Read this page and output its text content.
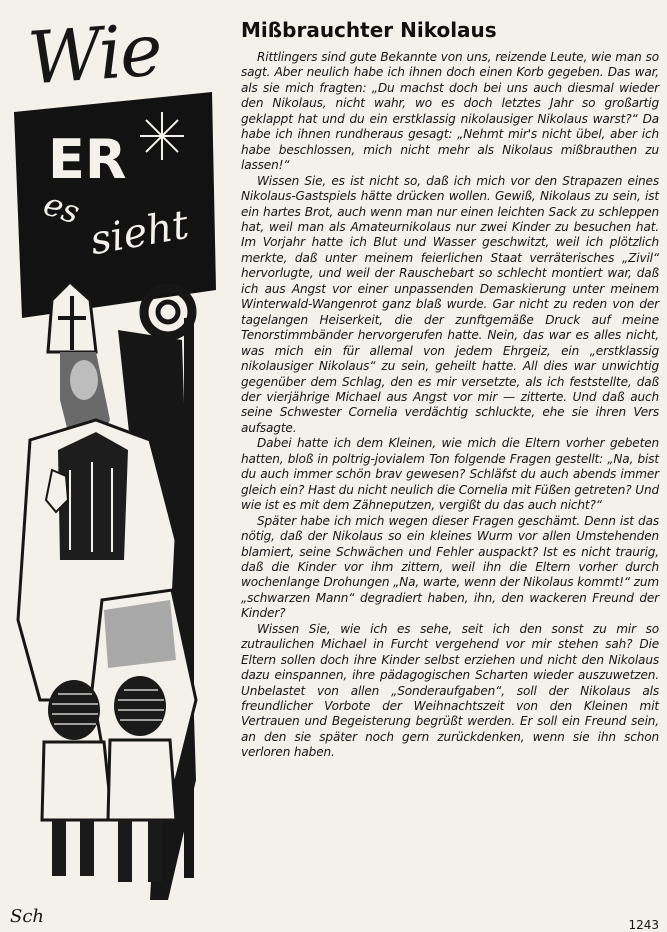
Wie
ER
es sieht
Sch
Mißbrauchter Nikolaus

Rittlingers sind gute Bekannte von uns, reizende Leute, wie man so sagt. Aber neulich habe ich ihnen doch einen Korb gegeben. Das war, als sie mich fragten: „Du machst doch bei uns auch diesmal wieder den Nikolaus, nicht wahr, wo es doch letztes Jahr so großartig geklappt hat und du ein erstklassig nikolausiger Nikolaus warst?“ Da habe ich ihnen rundheraus gesagt: „Nehmt mir's nicht übel, aber ich habe beschlossen, mich nicht mehr als Nikolaus mißbrauthen zu lassen!“

Wissen Sie, es ist nicht so, daß ich mich vor den Strapazen eines Nikolaus-Gastspiels hätte drücken wollen. Gewiß, Nikolaus zu sein, ist ein hartes Brot, auch wenn man nur einen leichten Sack zu schleppen hat, weil man als Amateurnikolaus nur zwei Kinder zu besuchen hat. Im Vorjahr hatte ich Blut und Wasser geschwitzt, weil ich plötzlich merkte, daß unter meinem feierlichen Staat verräterisches „Zivil“ hervorlugte, und weil der Rauschebart so schlecht montiert war, daß ich aus Angst vor einer unpassenden Demaskierung unter meinem Winterwald-Wangenrot ganz blaß wurde. Gar nicht zu reden von der tagelangen Heiserkeit, die der zunftgemäße Druck auf meine Tenorstimmbänder hervorgerufen hatte. Nein, das war es alles nicht, was mich ein für allemal von jedem Ehrgeiz, ein „erstklassig nikolausiger Nikolaus“ zu sein, geheilt hatte. All dies war unwichtig gegenüber dem Schlag, den es mir versetzte, als ich feststellte, daß der vierjährige Michael aus Angst vor mir — zitterte. Und daß auch seine Schwester Cornelia verdächtig schluckte, ehe sie ihren Vers aufsagte.

Dabei hatte ich dem Kleinen, wie mich die Eltern vorher gebeten hatten, bloß in poltrig-jovialem Ton folgende Fragen gestellt: „Na, bist du auch immer schön brav gewesen? Schläfst du auch abends immer gleich ein? Hast du nicht neulich die Cornelia mit Füßen getreten? Und wie ist es mit dem Zähneputzen, vergißt du das auch nicht?“

Später habe ich mich wegen dieser Fragen geschämt. Denn ist das nötig, daß der Nikolaus so ein kleines Wurm vor allen Umstehenden blamiert, seine Schwächen und Fehler auspackt? Ist es nicht traurig, daß die Kinder vor ihm zittern, weil ihn die Eltern vorher durch wochenlange Drohungen „Na, warte, wenn der Nikolaus kommt!“ zum „schwarzen Mann“ degradiert haben, ihn, den wackeren Freund der Kinder?

Wissen Sie, wie ich es sehe, seit ich den sonst zu mir so zutraulichen Michael in Furcht vergehend vor mir stehen sah? Die Eltern sollen doch ihre Kinder selbst erziehen und nicht den Nikolaus dazu einspannen, ihre pädagogischen Scharten wieder auszuwetzen. Unbelastet von allen „Sonderaufgaben“, soll der Nikolaus als freundlicher Vorbote der Weihnachtszeit von den Kleinen mit Vertrauen und Begeisterung begrüßt werden. Er soll ein Freund sein, an den sie später noch gern zurückdenken, wenn sie ihn schon verloren haben.

1243
